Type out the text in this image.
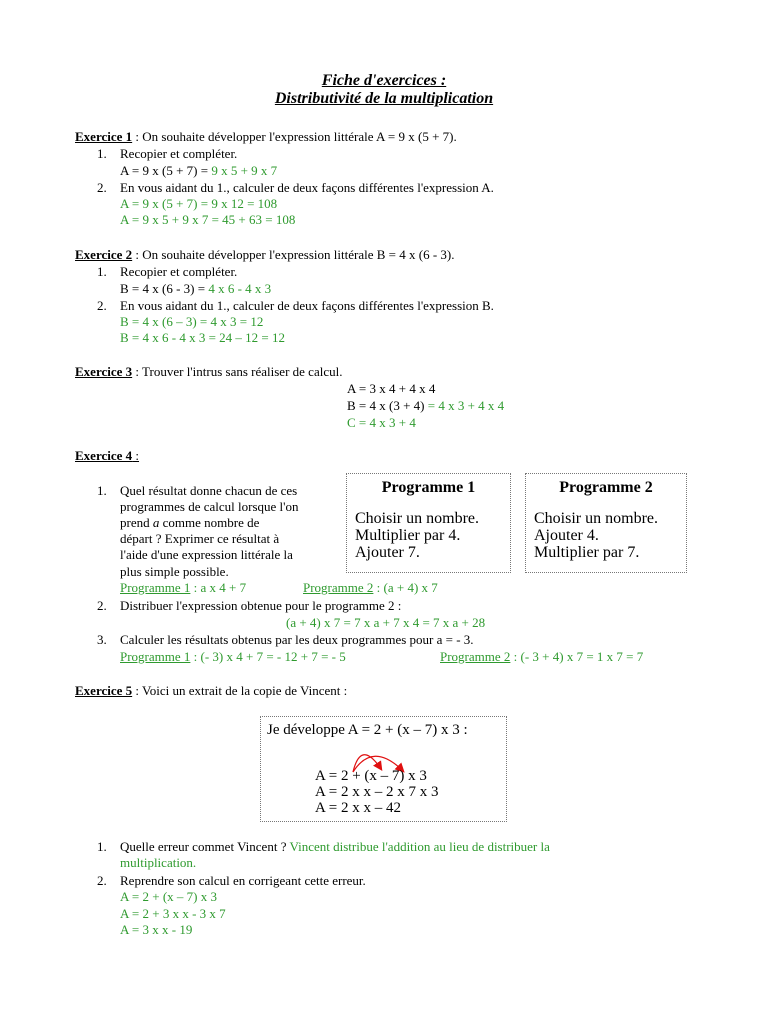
Fiche d'exercices :
Distributivité de la multiplication
Exercice 1 : On souhaite développer l'expression littérale A = 9 x (5 + 7).
1. Recopier et compléter.
A = 9 x (5 + 7) = 9 x 5 + 9 x 7
2. En vous aidant du 1., calculer de deux façons différentes l'expression A.
A = 9 x (5 + 7) = 9 x 12 = 108
A = 9 x 5 + 9 x 7 = 45 + 63 = 108
Exercice 2 : On souhaite développer l'expression littérale B = 4 x (6 - 3).
1. Recopier et compléter.
B = 4 x (6 - 3) = 4 x 6 - 4 x 3
2. En vous aidant du 1., calculer de deux façons différentes l'expression B.
B = 4 x (6 – 3) = 4 x 3 = 12
B = 4 x 6 - 4 x 3 = 24 – 12 = 12
Exercice 3 : Trouver l'intrus sans réaliser de calcul.
A = 3 x 4 + 4 x 4
B = 4 x (3 + 4) = 4 x 3 + 4 x 4
C = 4 x 3 + 4
Exercice 4 :
1. Quel résultat donne chacun de ces
programmes de calcul lorsque l'on
prend a comme nombre de
départ ? Exprimer ce résultat à
l'aide d'une expression littérale la
plus simple possible.
Programme 1 : a x 4 + 7	Programme 2 : (a + 4) x 7
2. Distribuer l'expression obtenue pour le programme 2 :
(a + 4) x 7 = 7 x a + 7 x 4 = 7 x a + 28
3. Calculer les résultats obtenus par les deux programmes pour a = - 3.
Programme 1 : (- 3) x 4 + 7 = - 12 + 7 = - 5	Programme 2 : (- 3 + 4) x 7 = 1 x 7 = 7
Programme 1
Choisir un nombre.
Multiplier par 4.
Ajouter 7.
Programme 2
Choisir un nombre.
Ajouter 4.
Multiplier par 7.
Exercice 5 : Voici un extrait de la copie de Vincent :
Je développe A = 2 + (x – 7) x 3 :
A = 2 + (x – 7) x 3
A = 2 x x – 2 x 7 x 3
A = 2 x x – 42
1. Quelle erreur commet Vincent ? Vincent distribue l'addition au lieu de distribuer la
multiplication.
2. Reprendre son calcul en corrigeant cette erreur.
A = 2 + (x – 7) x 3
A = 2 + 3 x x - 3 x 7
A = 3 x x - 19
